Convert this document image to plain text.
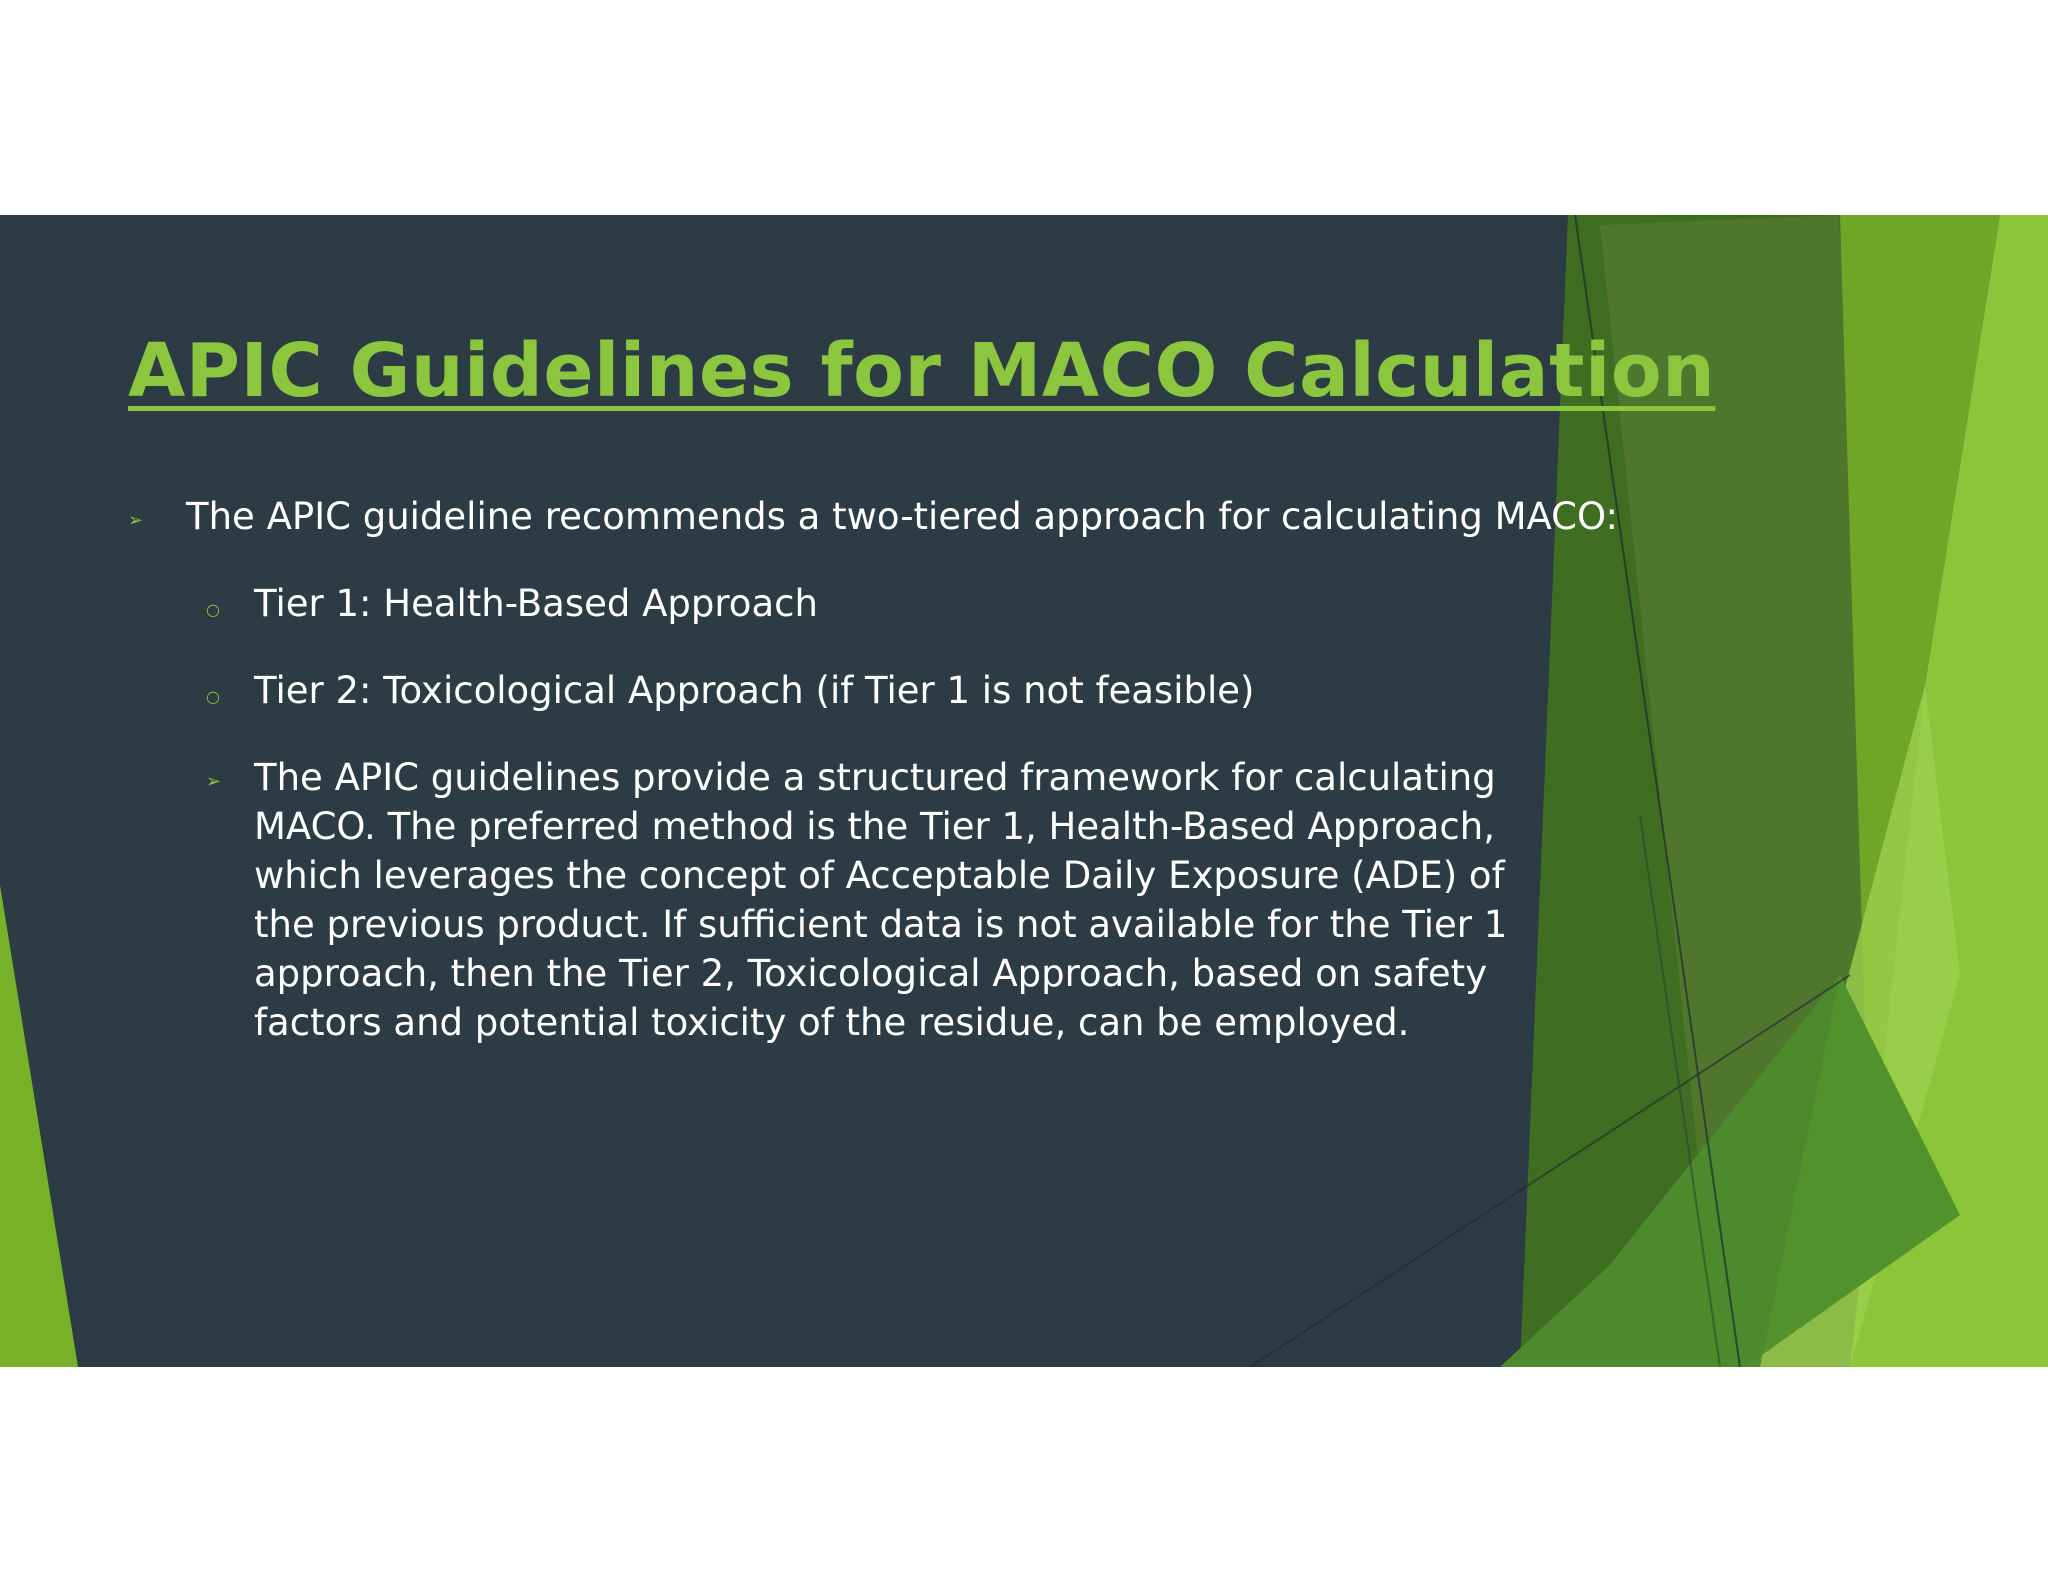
APIC Guidelines for MACO Calculation
➢ The APIC guideline recommends a two-tiered approach for calculating MACO:

○ Tier 1: Health-Based Approach

○ Tier 2: Toxicological Approach (if Tier 1 is not feasible)

➢ The APIC guidelines provide a structured framework for calculating MACO. The preferred method is the Tier 1, Health-Based Approach, which leverages the concept of Acceptable Daily Exposure (ADE) of the previous product. If sufficient data is not available for the Tier 1 approach, then the Tier 2, Toxicological Approach, based on safety factors and potential toxicity of the residue, can be employed.
